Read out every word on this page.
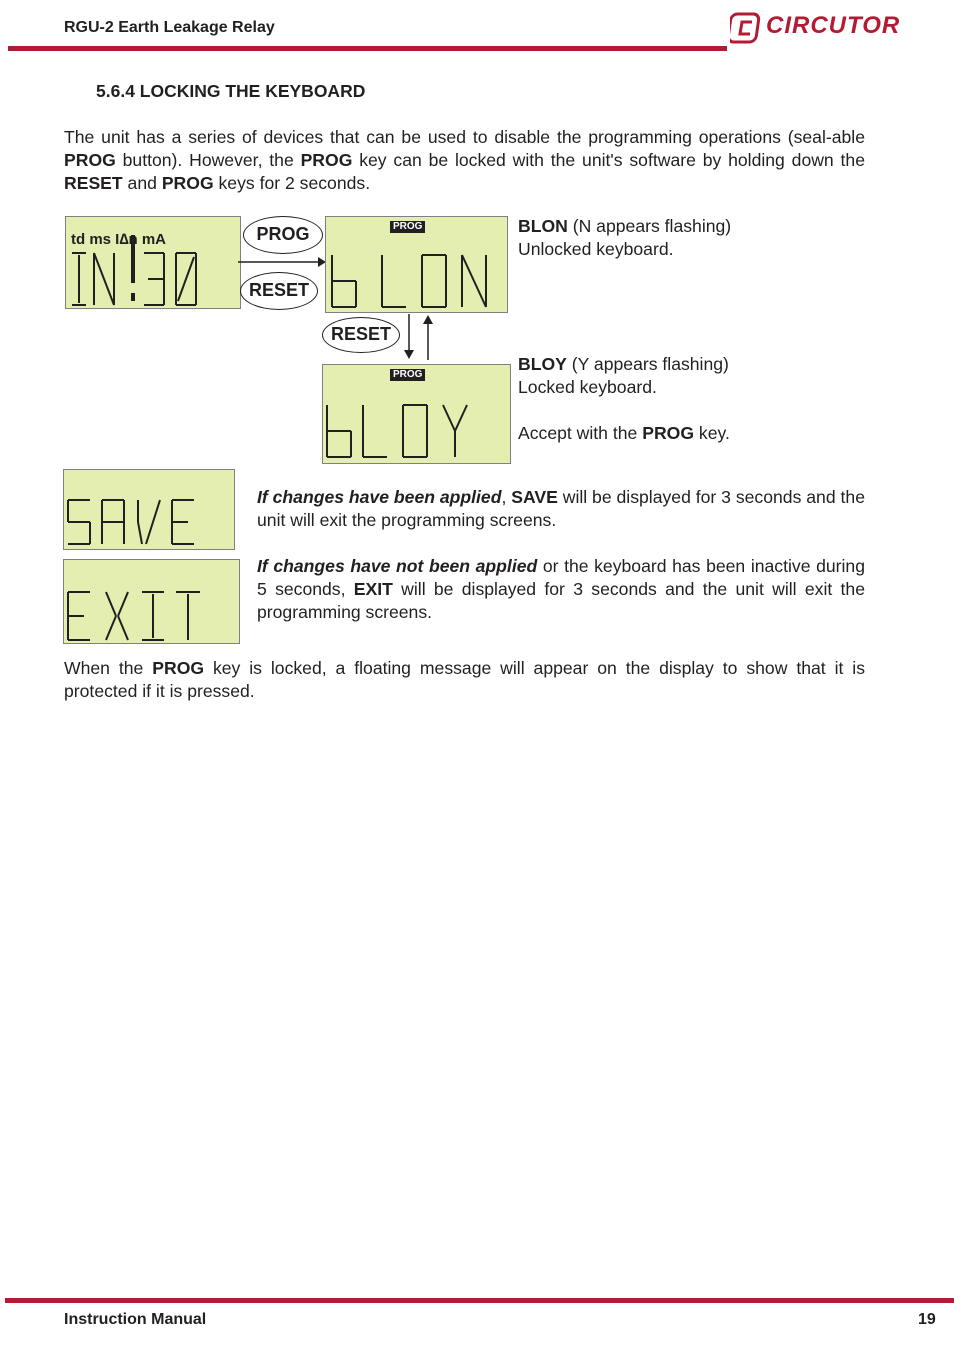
RGU-2 Earth Leakage Relay	CIRCUTOR
5.6.4 LOCKING THE KEYBOARD
The unit has a series of devices that can be used to disable the programming operations (seal-able PROG button). However, the PROG key can be locked with the unit's software by holding down the RESET and PROG keys for 2 seconds.
td ms I∆n mA	PROG
RESET
PROG
RESET
PROG
BLON (N appears flashing)
Unlocked keyboard.
BLOY (Y appears flashing)
Locked keyboard.
Accept with the PROG key.
If changes have been applied, SAVE will be displayed for 3 seconds and the unit will exit the programming screens.
If changes have not been applied or the keyboard has been inactive during 5 seconds, EXIT will be displayed for 3 seconds and the unit will exit the programming screens.
When the PROG key is locked, a floating message will appear on the display to show that it is protected if it is pressed.
Instruction Manual	19
